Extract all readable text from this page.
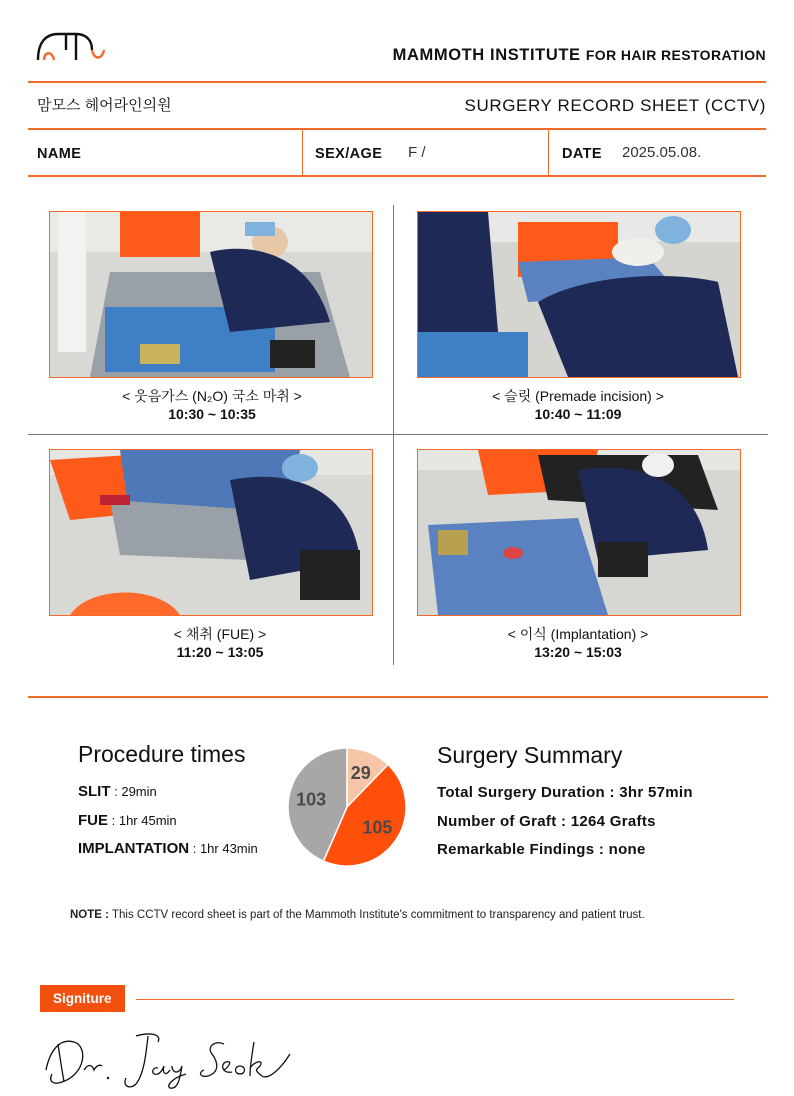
MAMMOTH INSTITUTE FOR HAIR RESTORATION
맘모스 헤어라인의원	SURGERY RECORD SHEET (CCTV)
NAME	SEX/AGE F /	DATE 2025.05.08.
< 웃음가스 (N₂O) 국소 마취 >
10:30 ~ 10:35
< 슬릿 (Premade incision) >
10:40 ~ 11:09
< 채취 (FUE) >
11:20 ~ 13:05
< 이식 (Implantation) >
13:20 ~ 15:03
Procedure times
SLIT : 29min
FUE : 1hr 45min
IMPLANTATION : 1hr 43min
29
105
103
Surgery Summary
Total Surgery Duration : 3hr 57min
Number of Graft : 1264 Grafts
Remarkable Findings : none
NOTE : This CCTV record sheet is part of the Mammoth Institute's commitment to transparency and patient trust.
Signiture
